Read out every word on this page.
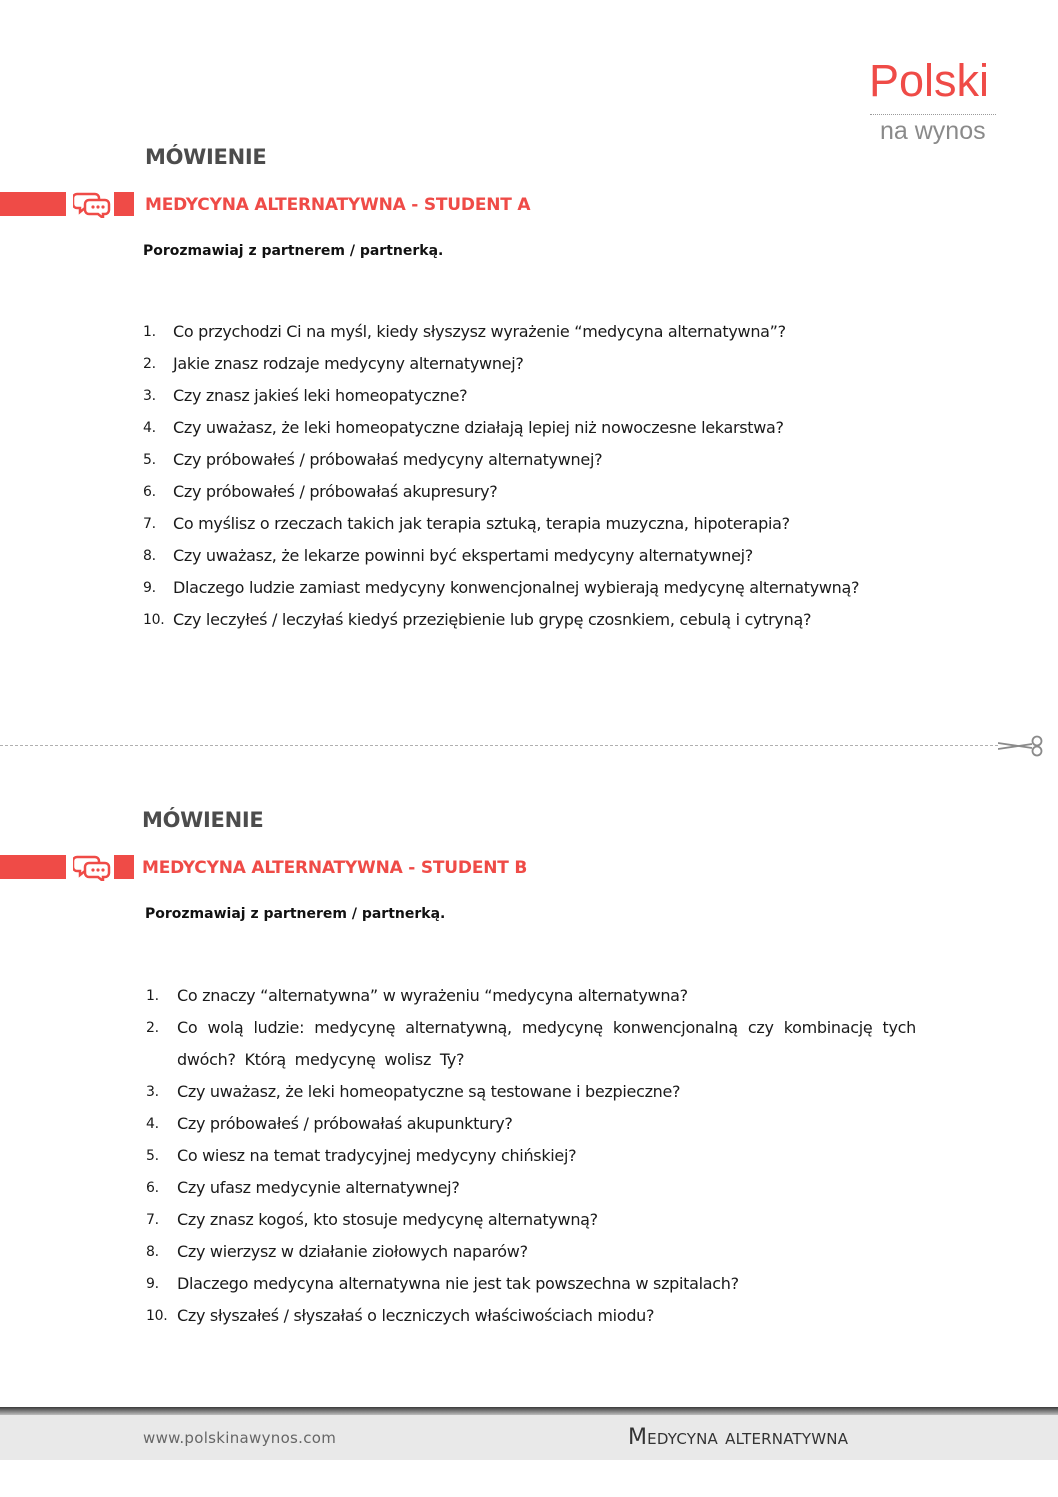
Polski
na wynos
MÓWIENIE
MEDYCYNA ALTERNATYWNA - STUDENT A
Porozmawiaj z partnerem / partnerką.
1. Co przychodzi Ci na myśl, kiedy słyszysz wyrażenie “medycyna alternatywna”?
2. Jakie znasz rodzaje medycyny alternatywnej?
3. Czy znasz jakieś leki homeopatyczne?
4. Czy uważasz, że leki homeopatyczne działają lepiej niż nowoczesne lekarstwa?
5. Czy próbowałeś / próbowałaś medycyny alternatywnej?
6. Czy próbowałeś / próbowałaś akupresury?
7. Co myślisz o rzeczach takich jak terapia sztuką, terapia muzyczna, hipoterapia?
8. Czy uważasz, że lekarze powinni być ekspertami medycyny alternatywnej?
9. Dlaczego ludzie zamiast medycyny konwencjonalnej wybierają medycynę alternatywną?
10. Czy leczyłeś / leczyłaś kiedyś przeziębienie lub grypę czosnkiem, cebulą i cytryną?
MÓWIENIE
MEDYCYNA ALTERNATYWNA - STUDENT B
Porozmawiaj z partnerem / partnerką.
1. Co znaczy “alternatywna” w wyrażeniu “medycyna alternatywna?
2. Co wolą ludzie: medycynę alternatywną, medycynę konwencjonalną czy kombinację tych dwóch? Którą medycynę wolisz Ty?
3. Czy uważasz, że leki homeopatyczne są testowane i bezpieczne?
4. Czy próbowałeś / próbowałaś akupunktury?
5. Co wiesz na temat tradycyjnej medycyny chińskiej?
6. Czy ufasz medycynie alternatywnej?
7. Czy znasz kogoś, kto stosuje medycynę alternatywną?
8. Czy wierzysz w działanie ziołowych naparów?
9. Dlaczego medycyna alternatywna nie jest tak powszechna w szpitalach?
10. Czy słyszałeś / słyszałaś o leczniczych właściwościach miodu?
www.polskinawynos.com	Medycyna alternatywna
